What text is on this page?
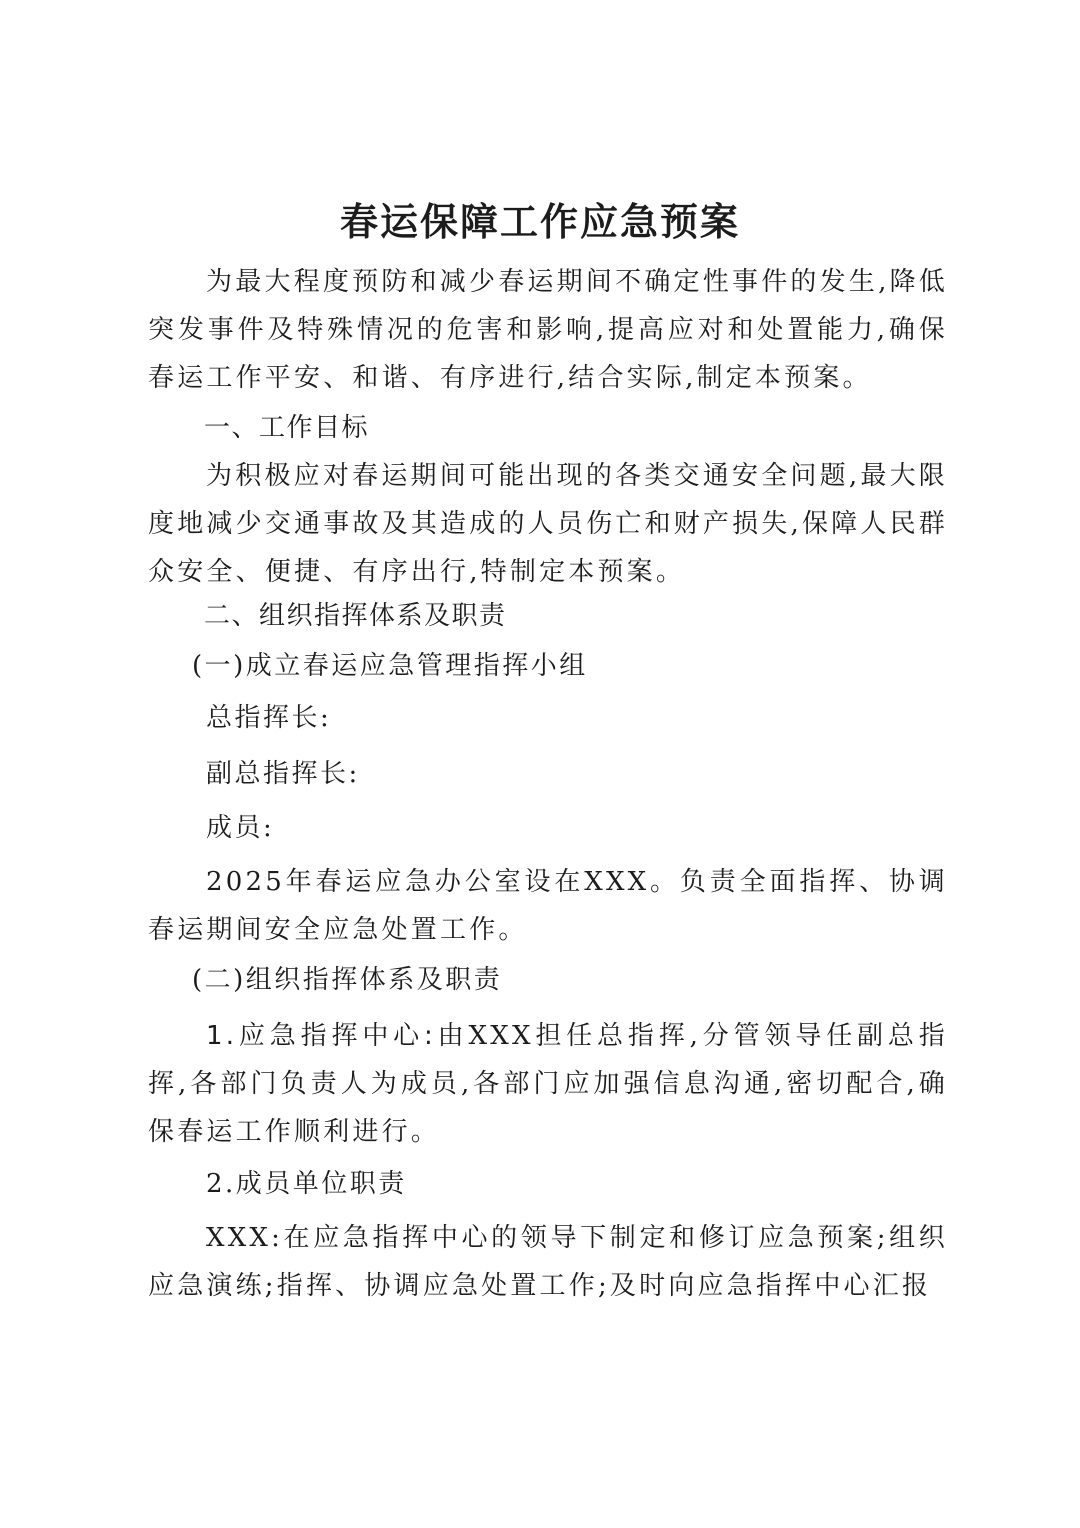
春运保障工作应急预案

为最大程度预防和减少春运期间不确定性事件的发生,降低突发事件及特殊情况的危害和影响,提高应对和处置能力,确保春运工作平安、和谐、有序进行,结合实际,制定本预案。

一、工作目标

为积极应对春运期间可能出现的各类交通安全问题,最大限度地减少交通事故及其造成的人员伤亡和财产损失,保障人民群众安全、便捷、有序出行,特制定本预案。

二、组织指挥体系及职责

(一)成立春运应急管理指挥小组

总指挥长:

副总指挥长:

成员:

2025年春运应急办公室设在XXX。负责全面指挥、协调春运期间安全应急处置工作。

(二)组织指挥体系及职责

1.应急指挥中心:由XXX担任总指挥,分管领导任副总指挥,各部门负责人为成员,各部门应加强信息沟通,密切配合,确保春运工作顺利进行。

2.成员单位职责

XXX:在应急指挥中心的领导下制定和修订应急预案;组织应急演练;指挥、协调应急处置工作;及时向应急指挥中心汇报
